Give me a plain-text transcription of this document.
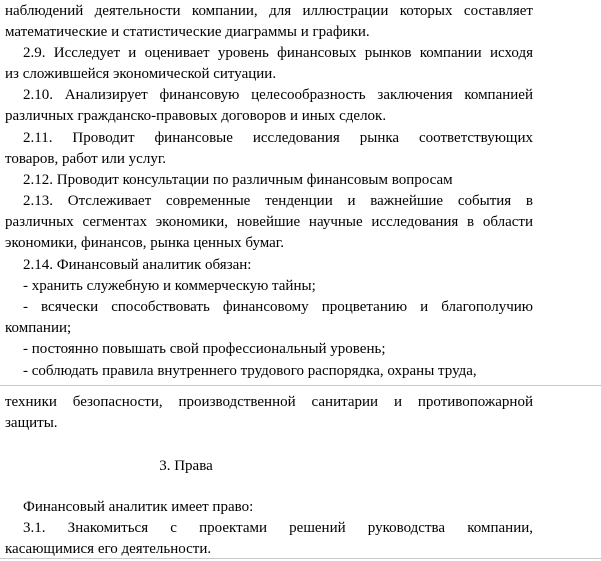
наблюдений деятельности компании, для иллюстрации которых составляет
математические и статистические диаграммы и графики.
2.9. Исследует и оценивает уровень финансовых рынков компании исходя
из сложившейся экономической ситуации.
2.10. Анализирует финансовую целесообразность заключения компанией
различных гражданско-правовых договоров и иных сделок.
2.11. Проводит финансовые исследования рынка соответствующих
товаров, работ или услуг.
2.12. Проводит консультации по различным финансовым вопросам
2.13. Отслеживает современные тенденции и важнейшие события в
различных сегментах экономики, новейшие научные исследования в области
экономики, финансов, рынка ценных бумаг.
2.14. Финансовый аналитик обязан:
- хранить служебную и коммерческую тайны;
- всячески способствовать финансовому процветанию и благополучию
компании;
- постоянно повышать свой профессиональный уровень;
- соблюдать правила внутреннего трудового распорядка, охраны труда,
техники безопасности, производственной санитарии и противопожарной
защиты.
3. Права
Финансовый аналитик имеет право:
3.1. Знакомиться с проектами решений руководства компании,
касающимися его деятельности.
